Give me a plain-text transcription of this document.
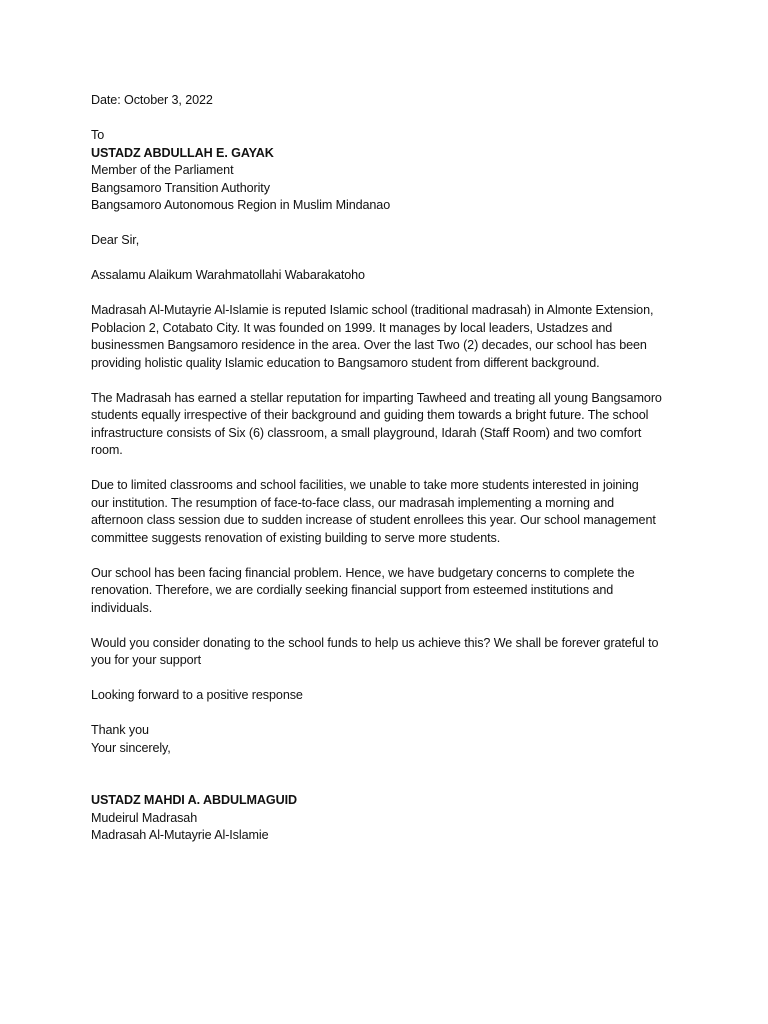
Date: October 3, 2022
To
USTADZ ABDULLAH E. GAYAK
Member of the Parliament
Bangsamoro Transition Authority
Bangsamoro Autonomous Region in Muslim Mindanao
Dear Sir,
Assalamu Alaikum Warahmatollahi Wabarakatoho
Madrasah Al-Mutayrie Al-Islamie is reputed Islamic school (traditional madrasah) in Almonte Extension,
Poblacion 2, Cotabato City. It was founded on 1999. It manages by local leaders, Ustadzes and
businessmen Bangsamoro residence in the area. Over the last Two (2) decades, our school has been
providing holistic quality Islamic education to Bangsamoro student from different background.
The Madrasah has earned a stellar reputation for imparting Tawheed and treating all young Bangsamoro
students equally irrespective of their background and guiding them towards a bright future. The school
infrastructure consists of Six (6) classroom, a small playground, Idarah (Staff Room) and two comfort
room.
Due to limited classrooms and school facilities, we unable to take more students interested in joining
our institution. The resumption of face-to-face class, our madrasah implementing a morning and
afternoon class session due to sudden increase of student enrollees this year. Our school management
committee suggests renovation of existing building to serve more students.
Our school has been facing financial problem. Hence, we have budgetary concerns to complete the
renovation. Therefore, we are cordially seeking financial support from esteemed institutions and
individuals.
Would you consider donating to the school funds to help us achieve this? We shall be forever grateful to
you for your support
Looking forward to a positive response
Thank you
Your sincerely,
USTADZ MAHDI A. ABDULMAGUID
Mudeirul Madrasah
Madrasah Al-Mutayrie Al-Islamie
